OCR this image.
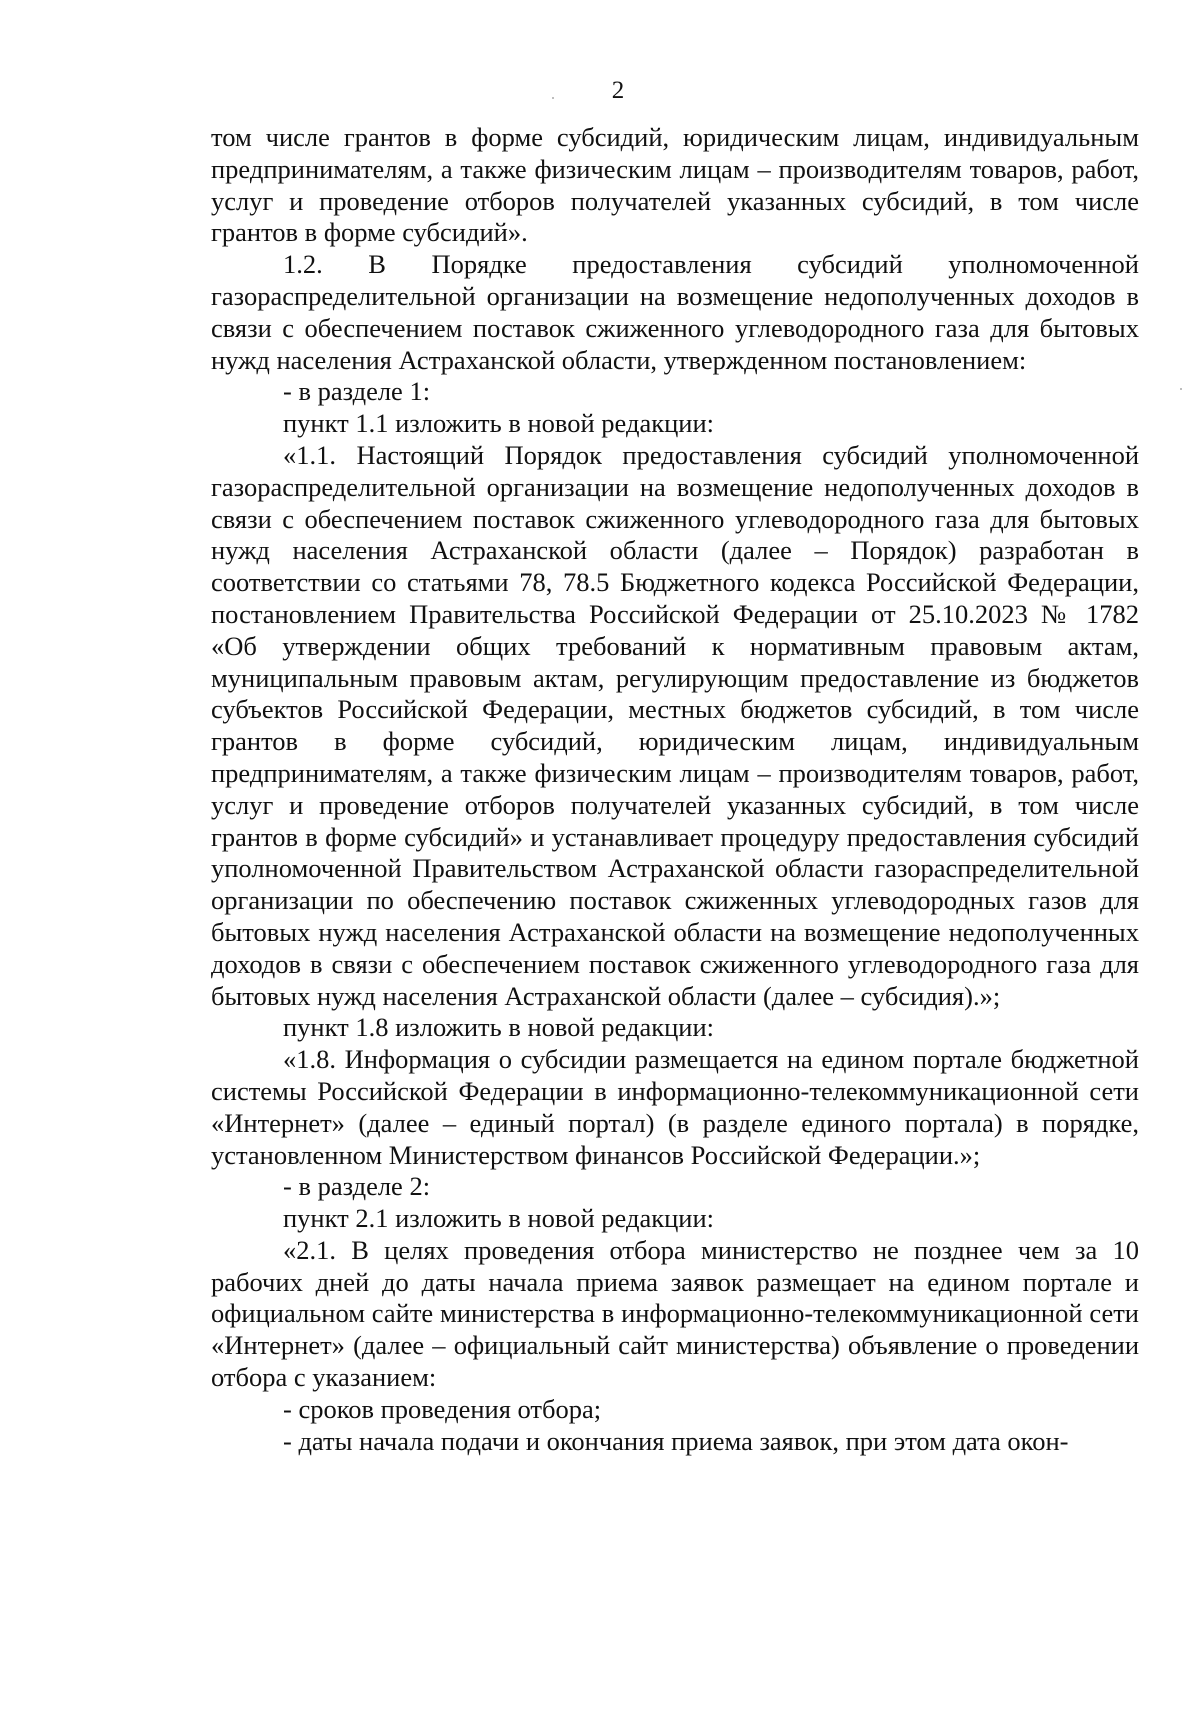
2

том числе грантов в форме субсидий, юридическим лицам, индивидуальным предпринимателям, а также физическим лицам – производителям товаров, работ, услуг и проведение отборов получателей указанных субсидий, в том числе грантов в форме субсидий».

1.2. В Порядке предоставления субсидий уполномоченной газораспределительной организации на возмещение недополученных доходов в связи с обеспечением поставок сжиженного углеводородного газа для бытовых нужд населения Астраханской области, утвержденном постановлением:

- в разделе 1:

пункт 1.1 изложить в новой редакции:

«1.1. Настоящий Порядок предоставления субсидий уполномоченной газораспределительной организации на возмещение недополученных доходов в связи с обеспечением поставок сжиженного углеводородного газа для бытовых нужд населения Астраханской области (далее – Порядок) разработан в соответствии со статьями 78, 78.5 Бюджетного кодекса Российской Федерации, постановлением Правительства Российской Федерации от 25.10.2023 № 1782 «Об утверждении общих требований к нормативным правовым актам, муниципальным правовым актам, регулирующим предоставление из бюджетов субъектов Российской Федерации, местных бюджетов субсидий, в том числе грантов в форме субсидий, юридическим лицам, индивидуальным предпринимателям, а также физическим лицам – производителям товаров, работ, услуг и проведение отборов получателей указанных субсидий, в том числе грантов в форме субсидий» и устанавливает процедуру предоставления субсидий уполномоченной Правительством Астраханской области газораспределительной организации по обеспечению поставок сжиженных углеводородных газов для бытовых нужд населения Астраханской области на возмещение недополученных доходов в связи с обеспечением поставок сжиженного углеводородного газа для бытовых нужд населения Астраханской области (далее – субсидия).»;

пункт 1.8 изложить в новой редакции:

«1.8. Информация о субсидии размещается на едином портале бюджетной системы Российской Федерации в информационно-телекоммуникационной сети «Интернет» (далее – единый портал) (в разделе единого портала) в порядке, установленном Министерством финансов Российской Федерации.»;

- в разделе 2:

пункт 2.1 изложить в новой редакции:

«2.1. В целях проведения отбора министерство не позднее чем за 10 рабочих дней до даты начала приема заявок размещает на едином портале и официальном сайте министерства в информационно-телекоммуникационной сети «Интернет» (далее – официальный сайт министерства) объявление о проведении отбора с указанием:

- сроков проведения отбора;

- даты начала подачи и окончания приема заявок, при этом дата окон-
